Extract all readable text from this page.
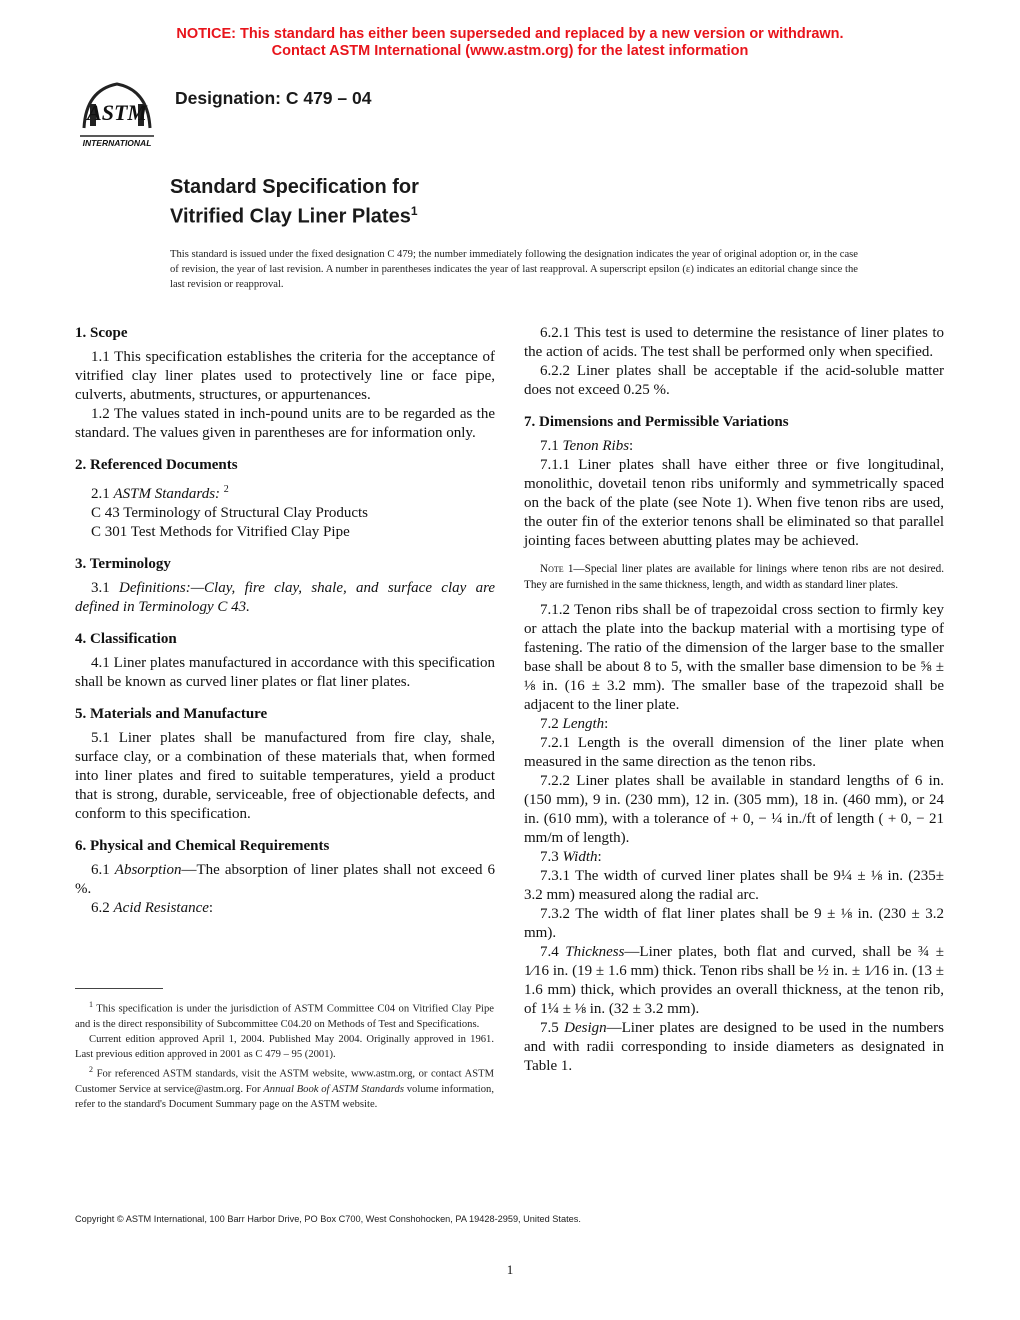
NOTICE: This standard has either been superseded and replaced by a new version or withdrawn.
Contact ASTM International (www.astm.org) for the latest information
ASTM
INTERNATIONAL
Designation: C 479 – 04
Standard Specification for
Vitrified Clay Liner Plates$^1$
This standard is issued under the fixed designation C 479; the number immediately following the designation indicates the year of original adoption or, in the case of revision, the year of last revision. A number in parentheses indicates the year of last reapproval. A superscript epsilon (ε) indicates an editorial change since the last revision or reapproval.
1. Scope

1.1 This specification establishes the criteria for the acceptance of vitrified clay liner plates used to protectively line or face pipe, culverts, abutments, structures, or appurtenances.

1.2 The values stated in inch-pound units are to be regarded as the standard. The values given in parentheses are for information only.

2. Referenced Documents

2.1 ASTM Standards: $^2$

C 43 Terminology of Structural Clay Products

C 301 Test Methods for Vitrified Clay Pipe

3. Terminology

3.1 Definitions:—Clay, fire clay, shale, and surface clay are defined in Terminology C 43.

4. Classification

4.1 Liner plates manufactured in accordance with this specification shall be known as curved liner plates or flat liner plates.

5. Materials and Manufacture

5.1 Liner plates shall be manufactured from fire clay, shale, surface clay, or a combination of these materials that, when formed into liner plates and fired to suitable temperatures, yield a product that is strong, durable, serviceable, free of objectionable defects, and conform to this specification.

6. Physical and Chemical Requirements

6.1 Absorption—The absorption of liner plates shall not exceed 6 %.

6.2 Acid Resistance:

6.2.1 This test is used to determine the resistance of liner plates to the action of acids. The test shall be performed only when specified.

6.2.2 Liner plates shall be acceptable if the acid-soluble matter does not exceed 0.25 %.

7. Dimensions and Permissible Variations

7.1 Tenon Ribs:

7.1.1 Liner plates shall have either three or five longitudinal, monolithic, dovetail tenon ribs uniformly and symmetrically spaced on the back of the plate (see Note 1). When five tenon ribs are used, the outer fin of the exterior tenons shall be eliminated so that parallel jointing faces between abutting plates may be achieved.

Note 1—Special liner plates are available for linings where tenon ribs are not desired. They are furnished in the same thickness, length, and width as standard liner plates.

7.1.2 Tenon ribs shall be of trapezoidal cross section to firmly key or attach the plate into the backup material with a mortising type of fastening. The ratio of the dimension of the larger base to the smaller base shall be about 8 to 5, with the smaller base dimension to be ⅝ ± ⅛ in. (16 ± 3.2 mm). The smaller base of the trapezoid shall be adjacent to the liner plate.

7.2 Length:

7.2.1 Length is the overall dimension of the liner plate when measured in the same direction as the tenon ribs.

7.2.2 Liner plates shall be available in standard lengths of 6 in. (150 mm), 9 in. (230 mm), 12 in. (305 mm), 18 in. (460 mm), or 24 in. (610 mm), with a tolerance of + 0, − ¼ in./ft of length ( + 0, − 21 mm/m of length).

7.3 Width:

7.3.1 The width of curved liner plates shall be 9¼ ± ⅛ in. (235± 3.2 mm) measured along the radial arc.

7.3.2 The width of flat liner plates shall be 9 ± ⅛ in. (230 ± 3.2 mm).

7.4 Thickness—Liner plates, both flat and curved, shall be ¾ ± 1⁄16 in. (19 ± 1.6 mm) thick. Tenon ribs shall be ½ in. ± 1⁄16 in. (13 ± 1.6 mm) thick, which provides an overall thickness, at the tenon rib, of 1¼ ± ⅛ in. (32 ± 3.2 mm).

7.5 Design—Liner plates are designed to be used in the numbers and with radii corresponding to inside diameters as designated in Table 1.

$^1$ This specification is under the jurisdiction of ASTM Committee C04 on Vitrified Clay Pipe and is the direct responsibility of Subcommittee C04.20 on Methods of Test and Specifications.

Current edition approved April 1, 2004. Published May 2004. Originally approved in 1961. Last previous edition approved in 2001 as C 479 – 95 (2001).

$^2$ For referenced ASTM standards, visit the ASTM website, www.astm.org, or contact ASTM Customer Service at service@astm.org. For Annual Book of ASTM Standards volume information, refer to the standard's Document Summary page on the ASTM website.

Copyright © ASTM International, 100 Barr Harbor Drive, PO Box C700, West Conshohocken, PA 19428-2959, United States.
1
